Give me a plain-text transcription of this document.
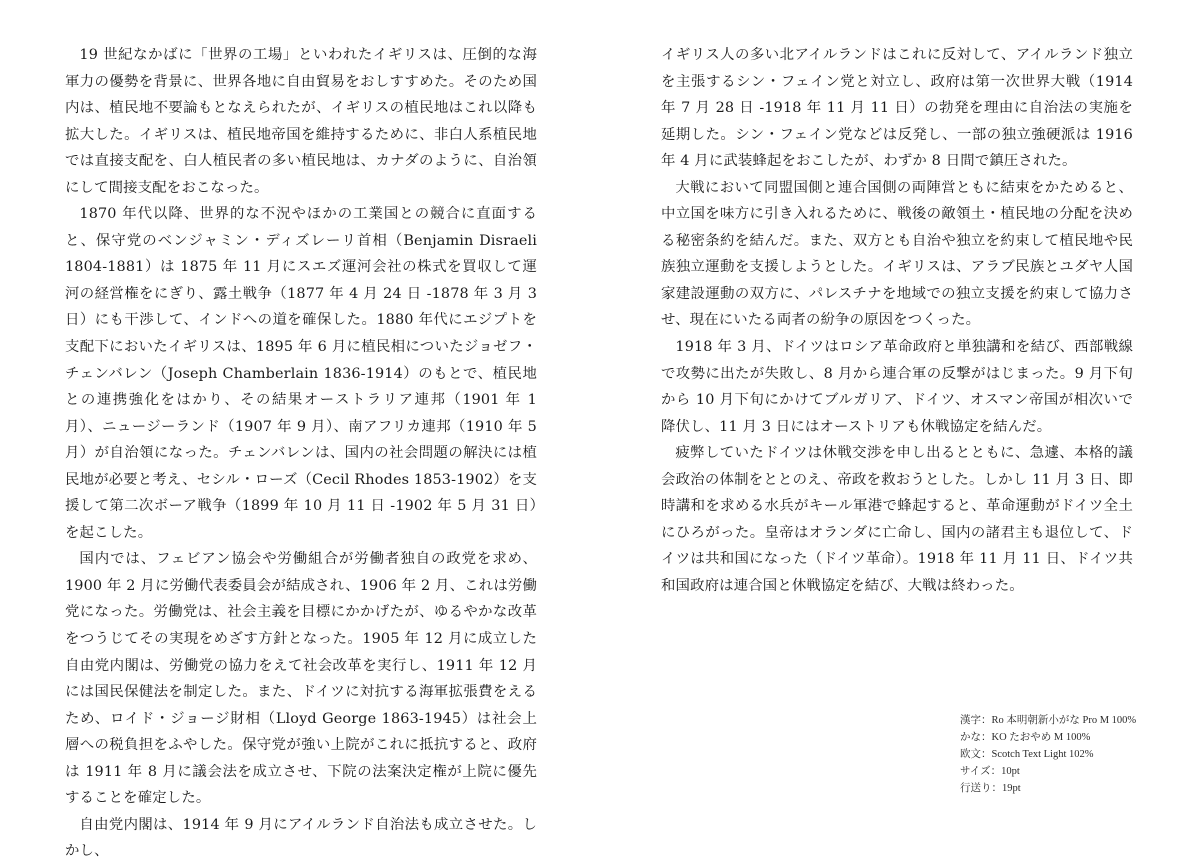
19 世紀なかばに「世界の工場」といわれたイギリスは、圧倒的な海軍力の優勢を背景に、世界各地に自由貿易をおしすすめた。そのため国内は、植民地不要論もとなえられたが、イギリスの植民地はこれ以降も拡大した。イギリスは、植民地帝国を維持するために、非白人系植民地では直接支配を、白人植民者の多い植民地は、カナダのように、自治領にして間接支配をおこなった。

1870 年代以降、世界的な不況やほかの工業国との競合に直面すると、保守党のベンジャミン・ディズレーリ首相（Benjamin Disraeli 1804-1881）は 1875 年 11 月にスエズ運河会社の株式を買収して運河の経営権をにぎり、露土戦争（1877 年 4 月 24 日 -1878 年 3 月 3 日）にも干渉して、インドへの道を確保した。1880 年代にエジプトを支配下においたイギリスは、1895 年 6 月に植民相についたジョゼフ・チェンバレン（Joseph Chamberlain 1836-1914）のもとで、植民地との連携強化をはかり、その結果オーストラリア連邦（1901 年 1 月）、ニュージーランド（1907 年 9 月）、南アフリカ連邦（1910 年 5 月）が自治領になった。チェンバレンは、国内の社会問題の解決には植民地が必要と考え、セシル・ローズ（Cecil Rhodes 1853-1902）を支援して第二次ボーア戦争（1899 年 10 月 11 日 -1902 年 5 月 31 日）を起こした。

国内では、フェビアン協会や労働組合が労働者独自の政党を求め、1900 年 2 月に労働代表委員会が結成され、1906 年 2 月、これは労働党になった。労働党は、社会主義を目標にかかげたが、ゆるやかな改革をつうじてその実現をめざす方針となった。1905 年 12 月に成立した自由党内閣は、労働党の協力をえて社会改革を実行し、1911 年 12 月には国民保健法を制定した。また、ドイツに対抗する海軍拡張費をえるため、ロイド・ジョージ財相（Lloyd George 1863-1945）は社会上層への税負担をふやした。保守党が強い上院がこれに抵抗すると、政府は 1911 年 8 月に議会法を成立させ、下院の法案決定権が上院に優先することを確定した。

自由党内閣は、1914 年 9 月にアイルランド自治法も成立させた。しかし、

イギリス人の多い北アイルランドはこれに反対して、アイルランド独立を主張するシン・フェイン党と対立し、政府は第一次世界大戦（1914 年 7 月 28 日 -1918 年 11 月 11 日）の勃発を理由に自治法の実施を延期した。シン・フェイン党などは反発し、一部の独立強硬派は 1916 年 4 月に武装蜂起をおこしたが、わずか 8 日間で鎮圧された。

大戦において同盟国側と連合国側の両陣営ともに結束をかためると、中立国を味方に引き入れるために、戦後の敵領土・植民地の分配を決める秘密条約を結んだ。また、双方とも自治や独立を約束して植民地や民族独立運動を支援しようとした。イギリスは、アラブ民族とユダヤ人国家建設運動の双方に、パレスチナを地域での独立支援を約束して協力させ、現在にいたる両者の紛争の原因をつくった。

1918 年 3 月、ドイツはロシア革命政府と単独講和を結び、西部戦線で攻勢に出たが失敗し、8 月から連合軍の反撃がはじまった。9 月下旬から 10 月下旬にかけてブルガリア、ドイツ、オスマン帝国が相次いで降伏し、11 月 3 日にはオーストリアも休戦協定を結んだ。

疲弊していたドイツは休戦交渉を申し出るとともに、急遽、本格的議会政治の体制をととのえ、帝政を救おうとした。しかし 11 月 3 日、即時講和を求める水兵がキール軍港で蜂起すると、革命運動がドイツ全土にひろがった。皇帝はオランダに亡命し、国内の諸君主も退位して、ドイツは共和国になった（ドイツ革命）。1918 年 11 月 11 日、ドイツ共和国政府は連合国と休戦協定を結び、大戦は終わった。

漢字：Ro 本明朝新小がな Pro M 100%
かな：KO たおやめ M 100%
欧文：Scotch Text Light 102%
サイズ：10pt
行送り：19pt
